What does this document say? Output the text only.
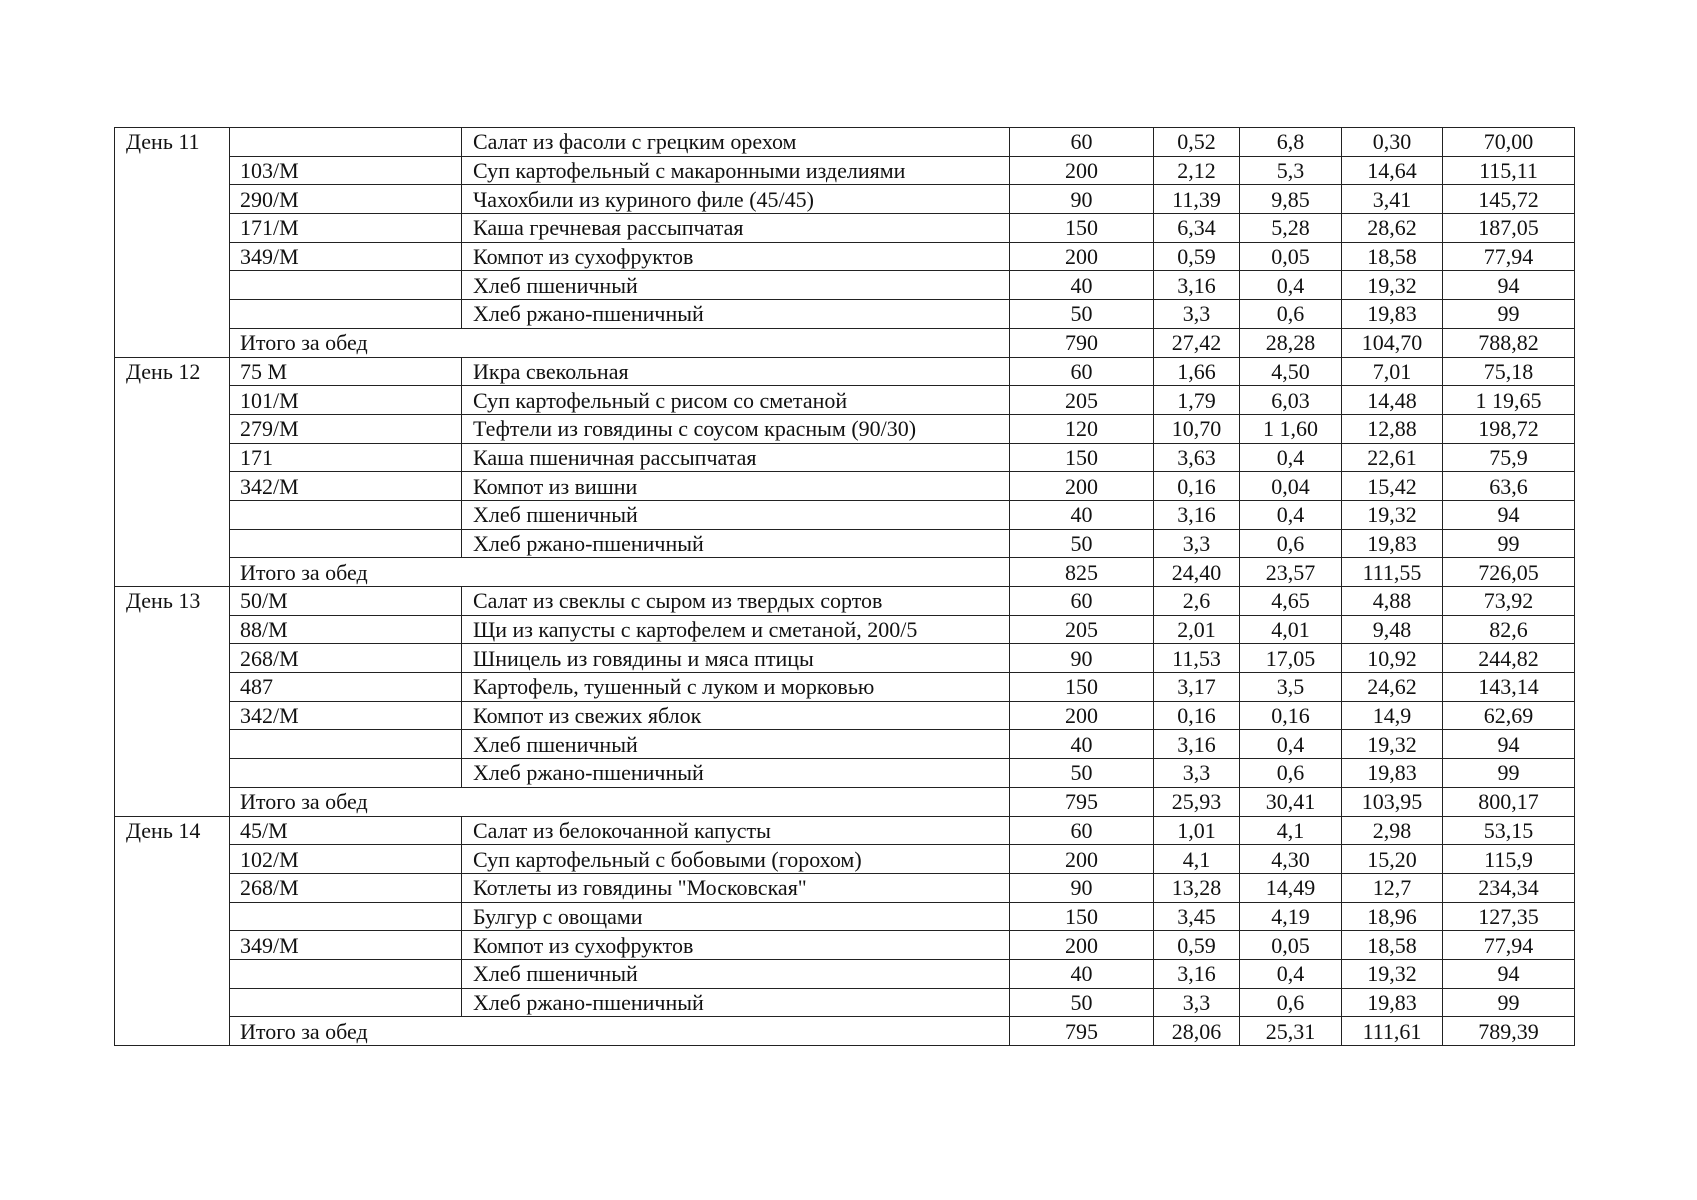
День 11		Салат из фасоли с грецким орехом	60	0,52	6,8	0,30	70,00
	103/М	Суп картофельный с макаронными изделиями	200	2,12	5,3	14,64	115,11
	290/М	Чахохбили из куриного филе (45/45)	90	11,39	9,85	3,41	145,72
	171/М	Каша гречневая рассыпчатая	150	6,34	5,28	28,62	187,05
	349/М	Компот из сухофруктов	200	0,59	0,05	18,58	77,94
		Хлеб пшеничный	40	3,16	0,4	19,32	94
		Хлеб ржано-пшеничный	50	3,3	0,6	19,83	99
	Итого за обед		790	27,42	28,28	104,70	788,82
День 12	75 М	Икра свекольная	60	1,66	4,50	7,01	75,18
	101/М	Суп картофельный с рисом со сметаной	205	1,79	6,03	14,48	1 19,65
	279/М	Тефтели из говядины с соусом красным (90/30)	120	10,70	1 1,60	12,88	198,72
	171	Каша пшеничная рассыпчатая	150	3,63	0,4	22,61	75,9
	342/М	Компот из вишни	200	0,16	0,04	15,42	63,6
		Хлеб пшеничный	40	3,16	0,4	19,32	94
		Хлеб ржано-пшеничный	50	3,3	0,6	19,83	99
	Итого за обед		825	24,40	23,57	111,55	726,05
День 13	50/М	Салат из свеклы с сыром из твердых сортов	60	2,6	4,65	4,88	73,92
	88/М	Щи из капусты с картофелем и сметаной, 200/5	205	2,01	4,01	9,48	82,6
	268/М	Шницель из говядины и мяса птицы	90	11,53	17,05	10,92	244,82
	487	Картофель, тушенный с луком и морковью	150	3,17	3,5	24,62	143,14
	342/М	Компот из свежих яблок	200	0,16	0,16	14,9	62,69
		Хлеб пшеничный	40	3,16	0,4	19,32	94
		Хлеб ржано-пшеничный	50	3,3	0,6	19,83	99
	Итого за обед		795	25,93	30,41	103,95	800,17
День 14	45/М	Салат из белокочанной капусты	60	1,01	4,1	2,98	53,15
	102/М	Суп картофельный с бобовыми (горохом)	200	4,1	4,30	15,20	115,9
	268/М	Котлеты из говядины "Московская"	90	13,28	14,49	12,7	234,34
		Булгур с овощами	150	3,45	4,19	18,96	127,35
	349/М	Компот из сухофруктов	200	0,59	0,05	18,58	77,94
		Хлеб пшеничный	40	3,16	0,4	19,32	94
		Хлеб ржано-пшеничный	50	3,3	0,6	19,83	99
	Итого за обед		795	28,06	25,31	111,61	789,39
